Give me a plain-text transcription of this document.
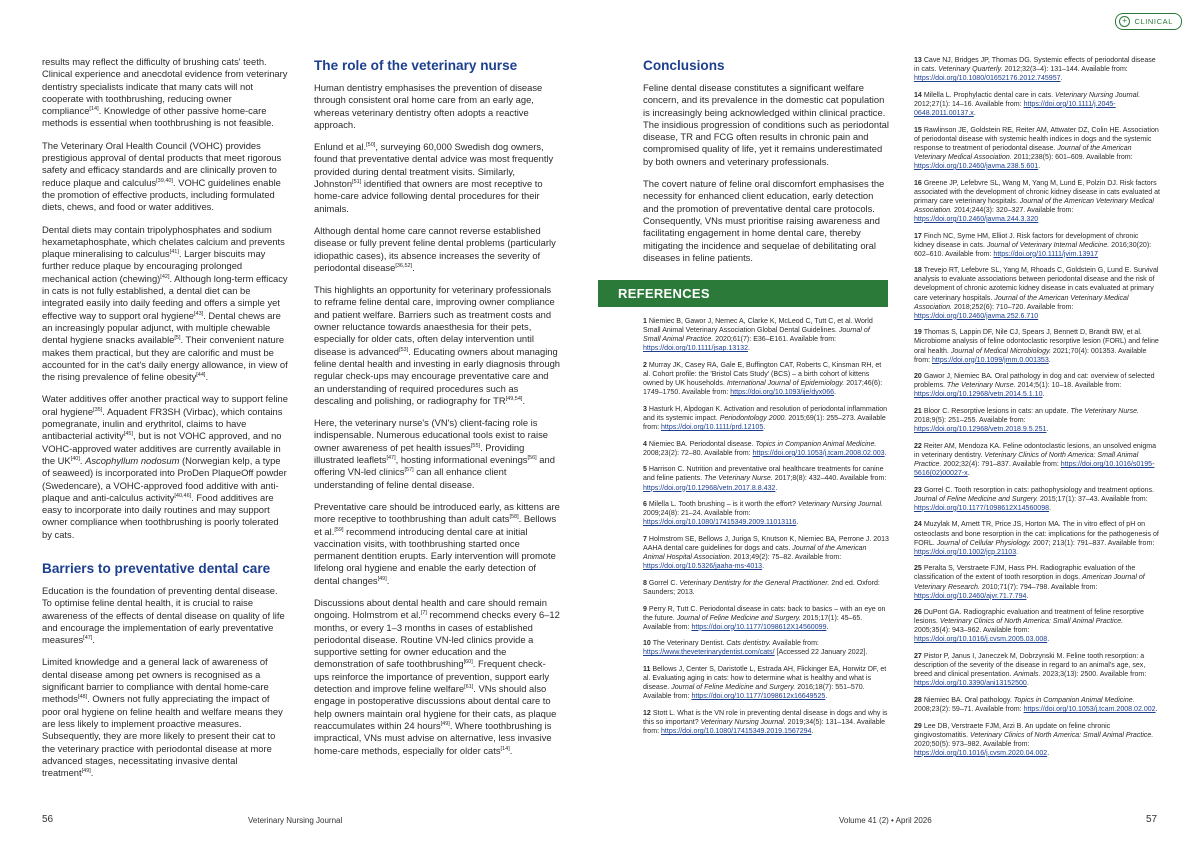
+ CLINICAL

results may reflect the difficulty of brushing cats' teeth. Clinical experience and anecdotal evidence from veterinary dentistry specialists indicate that many cats will not cooperate with toothbrushing, reducing owner compliance[14]. Knowledge of other passive home-care methods is essential when toothbrushing is not feasible.

The Veterinary Oral Health Council (VOHC) provides prestigious approval of dental products that meet rigorous safety and efficacy standards and are clinically proven to reduce plaque and calculus[39,40]. VOHC guidelines enable the promotion of effective products, including formulated diets, chews, and food or water additives.

Dental diets may contain tripolyphosphates and sodium hexametaphosphate, which chelates calcium and prevents plaque mineralising to calculus[41]. Larger biscuits may further reduce plaque by encouraging prolonged mechanical action (chewing)[42]. Although long-term efficacy in cats is not fully established, a dental diet can be integrated easily into daily feeding and offers a simple yet effective way to support oral hygiene[43]. Dental chews are an increasingly popular adjunct, with multiple chewable dental hygiene snacks available[5]. Their convenient nature makes them practical, but they are calorific and must be accounted for in the cat's daily energy allowance, in view of the rising prevalence of feline obesity[44].

Water additives offer another practical way to support feline oral hygiene[35]. Aquadent FR3SH (Virbac), which contains pomegranate, inulin and erythritol, claims to have antibacterial activity[45], but is not VOHC approved, and no VOHC-approved water additives are currently available in the UK[40]. Ascophyllum nodosum (Norwegian kelp, a type of seaweed) is incorporated into ProDen PlaqueOff powder (Swedencare), a VOHC-approved food additive with anti-plaque and anti-calculus activity[40,46]. Food additives are easy to incorporate into daily routines and may support owner compliance when toothbrushing is poorly tolerated by cats.

Barriers to preventative dental care

Education is the foundation of preventing dental disease. To optimise feline dental health, it is crucial to raise awareness of the effects of dental disease on quality of life and encourage the implementation of early preventative measures[47].

Limited knowledge and a general lack of awareness of dental disease among pet owners is recognised as a significant barrier to compliance with dental home-care methods[48]. Owners not fully appreciating the impact of poor oral hygiene on feline health and welfare means they are less likely to implement proactive measures. Subsequently, they are more likely to present their cat to the veterinary practice with periodontal disease at more advanced stages, necessitating invasive dental treatment[49].

The role of the veterinary nurse

Human dentistry emphasises the prevention of disease through consistent oral home care from an early age, whereas veterinary dentistry often adopts a reactive approach.

Enlund et al.[50], surveying 60,000 Swedish dog owners, found that preventative dental advice was most frequently provided during dental treatment visits. Similarly, Johnston[51] identified that owners are most receptive to home-care advice following dental procedures for their animals.

Although dental home care cannot reverse established disease or fully prevent feline dental problems (particularly idiopathic cases), its absence increases the severity of periodontal disease[36,52].

This highlights an opportunity for veterinary professionals to reframe feline dental care, improving owner compliance and patient welfare. Barriers such as treatment costs and owner reluctance towards anaesthesia for their pets, especially for older cats, often delay intervention until disease is advanced[53]. Educating owners about managing feline dental health and investing in early diagnosis through regular check-ups may encourage preventative care and an understanding of required procedures such as descaling and polishing, or radiography for TR[49,54].

Here, the veterinary nurse's (VN's) client-facing role is indispensable. Numerous educational tools exist to raise owner awareness of pet health issues[55]. Providing illustrated leaflets[47], hosting informational evenings[56] and offering VN-led clinics[57] can all enhance client understanding of feline dental disease.

Preventative care should be introduced early, as kittens are more receptive to toothbrushing than adult cats[58]. Bellows et al.[59] recommend introducing dental care at initial vaccination visits, with toothbrushing started once permanent dentition erupts. Early intervention will promote lifelong oral hygiene and enable the early detection of dental changes[49].

Discussions about dental health and care should remain ongoing. Holmstrom et al.[7] recommend checks every 6–12 months, or every 1–3 months in cases of established periodontal disease. Routine VN-led clinics provide a supportive setting for owner education and the demonstration of safe toothbrushing[60]. Frequent check-ups reinforce the importance of prevention, support early detection and improve feline welfare[61]. VNs should also engage in postoperative discussions about dental care to help owners maintain oral hygiene for their cats, as plaque reaccumulates within 24 hours[49]. Where toothbrushing is impractical, VNs must advise on alternative, less invasive home-care methods, especially for older cats[14].

Conclusions

Feline dental disease constitutes a significant welfare concern, and its prevalence in the domestic cat population is increasingly being acknowledged within clinical practice. The insidious progression of conditions such as periodontal disease, TR and FCG often results in chronic pain and compromised quality of life, yet it remains underestimated by both owners and veterinary professionals.

The covert nature of feline oral discomfort emphasises the necessity for enhanced client education, early detection and the promotion of preventative dental care protocols. Consequently, VNs must prioritise raising awareness and facilitating engagement in home dental care, thereby mitigating the incidence and sequelae of debilitating oral diseases in feline patients.

REFERENCES

1 Niemiec B, Gawor J, Nemec A, Clarke K, McLeod C, Tutt C, et al. World Small Animal Veterinary Association Global Dental Guidelines. Journal of Small Animal Practice. 2020;61(7): E36–E161. Available from: https://doi.org/10.1111/jsap.13132.

2 Murray JK, Casey RA, Gale E, Buffington CAT, Roberts C, Kinsman RH, et al. Cohort profile: the 'Bristol Cats Study' (BCS) – a birth cohort of kittens owned by UK households. International Journal of Epidemiology. 2017;46(6): 1749–1750. Available from: https://doi.org/10.1093/ije/dyx066.

3 Hasturk H, Alpdogan K. Activation and resolution of periodontal inflammation and its systemic impact. Periodontology 2000. 2015;69(1): 255–273. Available from: https://doi.org/10.1111/prd.12105.

4 Niemiec BA. Periodontal disease. Topics in Companion Animal Medicine. 2008;23(2): 72–80. Available from: https://doi.org/10.1053/j.tcam.2008.02.003.

5 Harrison C. Nutrition and preventative oral healthcare treatments for canine and feline patients. The Veterinary Nurse. 2017;8(8): 432–440. Available from: https://doi.org/10.12968/vetn.2017.8.8.432.

6 Milella L. Tooth brushing – is it worth the effort? Veterinary Nursing Journal. 2009;24(8): 21–24. Available from: https://doi.org/10.1080/17415349.2009.11013116.

7 Holmstrom SE, Bellows J, Juriga S, Knutson K, Niemiec BA, Perrone J. 2013 AAHA dental care guidelines for dogs and cats. Journal of the American Animal Hospital Association. 2013;49(2): 75–82. Available from: https://doi.org/10.5326/jaaha-ms-4013.

8 Gorrel C. Veterinary Dentistry for the General Practitioner. 2nd ed. Oxford: Saunders; 2013.

9 Perry R, Tutt C. Periodontal disease in cats: back to basics – with an eye on the future. Journal of Feline Medicine and Surgery. 2015;17(1): 45–65. Available from: https://doi.org/10.1177/1098612X14560099.

10 The Veterinary Dentist. Cats dentistry. Available from: https://www.theveterinarydentist.com/cats/ [Accessed 22 January 2022].

11 Bellows J, Center S, Daristotle L, Estrada AH, Flickinger EA, Horwitz DF, et al. Evaluating aging in cats: how to determine what is healthy and what is disease. Journal of Feline Medicine and Surgery. 2016;18(7): 551–570. Available from: https://doi.org/10.1177/1098612x16649525.

12 Stott L. What is the VN role in preventing dental disease in dogs and why is this so important? Veterinary Nursing Journal. 2019;34(5): 131–134. Available from: https://doi.org/10.1080/17415349.2019.1567294.

13 Cave NJ, Bridges JP, Thomas DG. Systemic effects of periodontal disease in cats. Veterinary Quarterly. 2012;32(3–4): 131–144. Available from: https://doi.org/10.1080/01652176.2012.745957.

14 Milella L. Prophylactic dental care in cats. Veterinary Nursing Journal. 2012;27(1): 14–16. Available from: https://doi.org/10.1111/j.2045-0648.2011.00137.x.

15 Rawlinson JE, Goldstein RE, Reiter AM, Attwater DZ, Colin HE. Association of periodontal disease with systemic health indices in dogs and the systemic response to treatment of periodontal disease. Journal of the American Veterinary Medical Association. 2011;238(5): 601–609. Available from: https://doi.org/10.2460/javma.238.5.601.

16 Greene JP, Lefebvre SL, Wang M, Yang M, Lund E, Polzin DJ. Risk factors associated with the development of chronic kidney disease in cats evaluated at primary care veterinary hospitals. Journal of the American Veterinary Medical Association. 2014;244(3): 320–327. Available from: https://doi.org/10.2460/javma.244.3.320

17 Finch NC, Syme HM, Elliot J. Risk factors for development of chronic kidney disease in cats. Journal of Veterinary Internal Medicine. 2016;30(20): 602–610. Available from: https://doi.org/10.1111/jvim.13917

18 Trevejo RT, Lefebvre SL, Yang M, Rhoads C, Goldstein G, Lund E. Survival analysis to evaluate associations between periodontal disease and the risk of development of chronic azotemic kidney disease in cats evaluated at primary care veterinary hospitals. Journal of the American Veterinary Medical Association. 2018;252(6): 710–720. Available from: https://doi.org/10.2460/javma.252.6.710

19 Thomas S, Lappin DF, Nile CJ, Spears J, Bennett D, Brandt BW, et al. Microbiome analysis of feline odontoclastic resorptive lesion (FORL) and feline oral health. Journal of Medical Microbiology. 2021;70(4): 001353. Available from: https://doi.org/10.1099/jmm.0.001353.

20 Gawor J, Niemiec BA. Oral pathology in dog and cat: overview of selected problems. The Veterinary Nurse. 2014;5(1): 10–18. Available from: https://doi.org/10.12968/vetn.2014.5.1.10.

21 Bloor C. Resorptive lesions in cats: an update. The Veterinary Nurse. 2018;9(5): 251–255. Available from: https://doi.org/10.12968/vetn.2018.9.5.251.

22 Reiter AM, Mendoza KA. Feline odontoclastic lesions, an unsolved enigma in veterinary dentistry. Veterinary Clinics of North America: Small Animal Practice. 2002;32(4): 791–837. Available from: https://doi.org/10.1016/s0195-5616(02)00027-x.

23 Gorrel C. Tooth resorption in cats: pathophysiology and treatment options. Journal of Feline Medicine and Surgery. 2015;17(1): 37–43. Available from: https://doi.org/10.1177/1098612X14560098.

24 Muzylak M, Arnett TR, Price JS, Horton MA. The in vitro effect of pH on osteoclasts and bone resorption in the cat: implications for the pathogenesis of FORL. Journal of Cellular Physiology. 2007; 213(1): 791–837. Available from: https://doi.org/10.1002/jcp.21103.

25 Peralta S, Verstraete FJM, Hass PH. Radiographic evaluation of the classification of the extent of tooth resorption in dogs. American Journal of Veterinary Research. 2010;71(7): 794–798. Available from: https://doi.org/10.2460/ajvr.71.7.794.

26 DuPont GA. Radiographic evaluation and treatment of feline resorptive lesions. Veterinary Clinics of North America: Small Animal Practice. 2005;35(4): 943–962. Available from: https://doi.org/10.1016/j.cvsm.2005.03.008.

27 Pistor P, Janus I, Janeczek M, Dobrzynski M. Feline tooth resorption: a description of the severity of the disease in regard to an animal's age, sex, breed and clinical presentation. Animals. 2023;3(13): 2500. Available from: https://doi.org/10.3390/ani13152500.

28 Niemiec BA. Oral pathology. Topics in Companion Animal Medicine. 2008;23(2): 59–71. Available from: https://doi.org/10.1053/j.tcam.2008.02.002.

29 Lee DB, Verstraete FJM, Arzi B. An update on feline chronic gingivostomatitis. Veterinary Clinics of North America: Small Animal Practice. 2020;50(5): 973–982. Available from: https://doi.org/10.1016/j.cvsm.2020.04.002.

56	Veterinary Nursing Journal	Volume 41 (2) • April 2026	57
